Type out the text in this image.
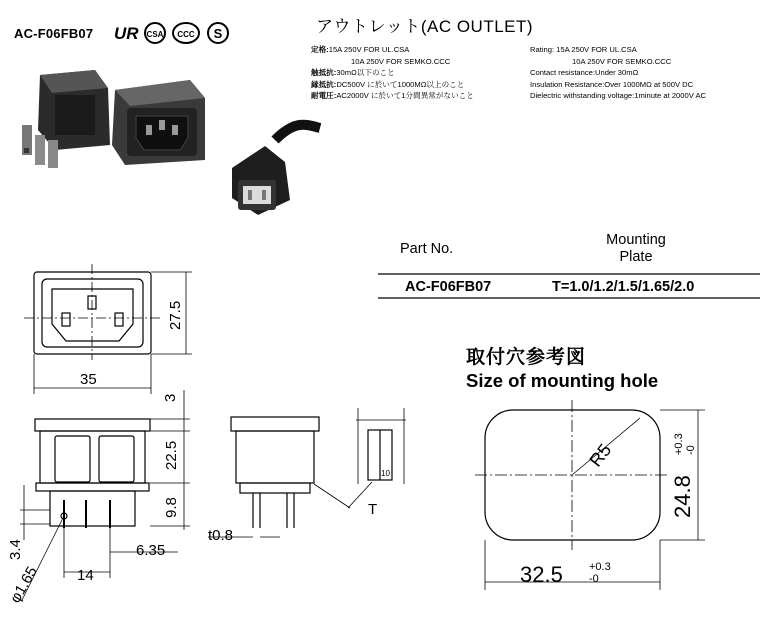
AC-F06FB07 UR CSA CCC S	アウトレット(AC OUTLET)
定格: 15A 250V FOR UL.CSA
10A 250V FOR SEMKO.CCC
触抵抗: 30mΩ以下のこと
縁抵抗: DC500V に於いて1000MΩ以上のこと
耐電圧: AC2000V に於いて1分間異常がないこと
Rating: 15A 250V FOR UL.CSA
10A 250V FOR SEMKO.CCC
Contact resistance:Under 30mΩ
Insulation Resistance:Over 1000MΩ at 500V DC
Dielectric withstanding voltage:1minute at 2000V AC
Part No.
Mounting
Plate
AC-F06FB07	T=1.0/1.2/1.5/1.65/2.0
取付穴参考図
Size of mounting hole
35
27.5
3
22.5
9.8
3.4
φ1.65 14
6.35
t0.8
T
10
R5
32.5 +0.3
-0
24.8
+0.3 -0
